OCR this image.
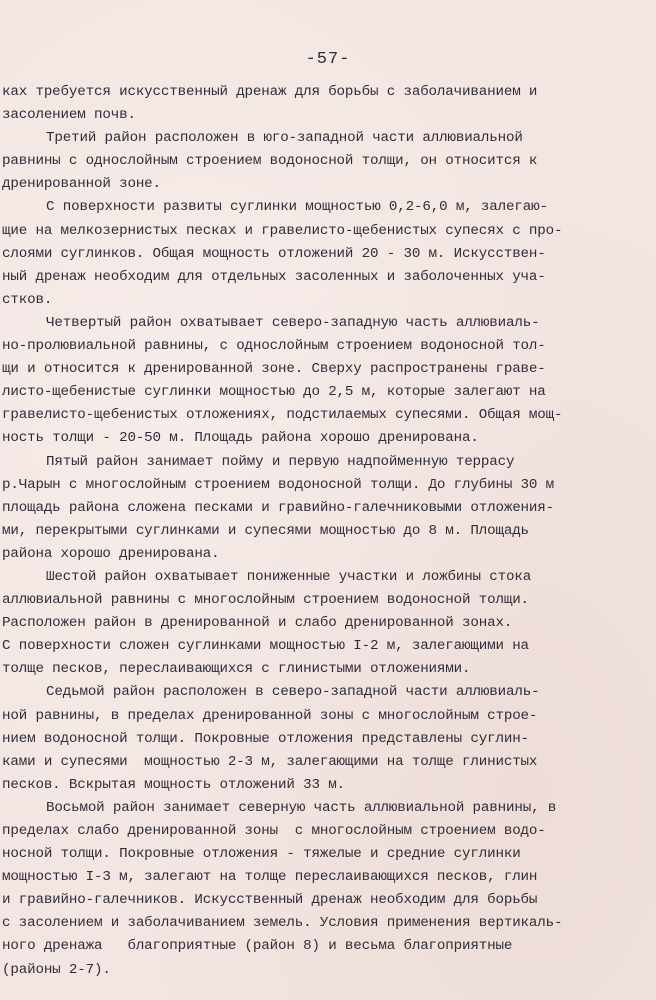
-57-

ках требуется искусственный дренаж для борьбы с заболачиванием и
засолением почв.
Третий район расположен в юго-западной части аллювиальной
равнины с однослойным строением водоносной толщи, он относится к
дренированной зоне.
С поверхности развиты суглинки мощностью 0,2-6,0 м, залегаю-
щие на мелкозернистых песках и гравелисто-щебенистых супесях с про-
слоями суглинков. Общая мощность отложений 20 - 30 м. Искусствен-
ный дренаж необходим для отдельных засоленных и заболоченных уча-
стков.
Четвертый район охватывает северо-западную часть аллювиаль-
но-пролювиальной равнины, с однослойным строением водоносной тол-
щи и относится к дренированной зоне. Сверху распространены граве-
листо-щебенистые суглинки мощностью до 2,5 м, которые залегают на
гравелисто-щебенистых отложениях, подстилаемых супесями. Общая мощ-
ность толщи - 20-50 м. Площадь района хорошо дренирована.
Пятый район занимает пойму и первую надпойменную террасу
р.Чарын с многослойным строением водоносной толщи. До глубины 30 м
площадь района сложена песками и гравийно-галечниковыми отложения-
ми, перекрытыми суглинками и супесями мощностью до 8 м. Площадь
района хорошо дренирована.
Шестой район охватывает пониженные участки и ложбины стока
аллювиальной равнины с многослойным строением водоносной толщи.
Расположен район в дренированной и слабо дренированной зонах.
С поверхности сложен суглинками мощностью I-2 м, залегающими на
толще песков, переслаивающихся с глинистыми отложениями.
Седьмой район расположен в северо-западной части аллювиаль-
ной равнины, в пределах дренированной зоны с многослойным строе-
нием водоносной толщи. Покровные отложения представлены суглин-
ками и супесями  мощностью 2-3 м, залегающими на толще глинистых
песков. Вскрытая мощность отложений 33 м.
Восьмой район занимает северную часть аллювиальной равнины, в
пределах слабо дренированной зоны  с многослойным строением водо-
носной толщи. Покровные отложения - тяжелые и средние суглинки
мощностью I-3 м, залегают на толще переслаивающихся песков, глин
и гравийно-галечников. Искусственный дренаж необходим для борьбы
с засолением и заболачиванием земель. Условия применения вертикаль-
ного дренажа   благоприятные (район 8) и весьма благоприятные
(районы 2-7).
